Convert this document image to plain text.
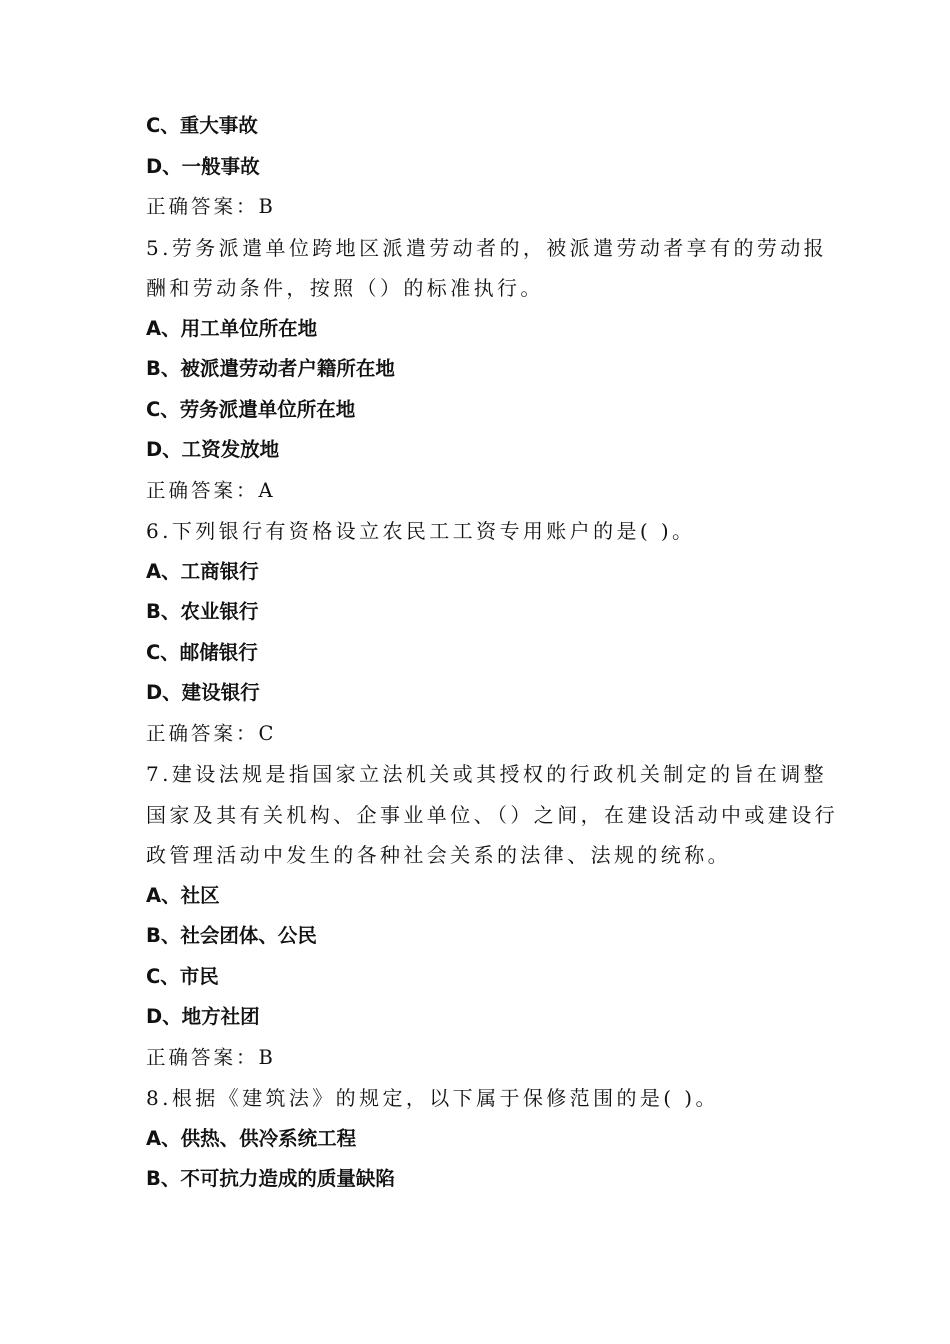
C、重大事故
D、一般事故
正确答案：B
5.劳务派遣单位跨地区派遣劳动者的，被派遣劳动者享有的劳动报
酬和劳动条件，按照（）的标准执行。
A、用工单位所在地
B、被派遣劳动者户籍所在地
C、劳务派遣单位所在地
D、工资发放地
正确答案：A
6.下列银行有资格设立农民工工资专用账户的是( )。
A、工商银行
B、农业银行
C、邮储银行
D、建设银行
正确答案：C
7.建设法规是指国家立法机关或其授权的行政机关制定的旨在调整
国家及其有关机构、企事业单位、（）之间，在建设活动中或建设行
政管理活动中发生的各种社会关系的法律、法规的统称。
A、社区
B、社会团体、公民
C、市民
D、地方社团
正确答案：B
8.根据《建筑法》的规定，以下属于保修范围的是( )。
A、供热、供冷系统工程
B、不可抗力造成的质量缺陷
